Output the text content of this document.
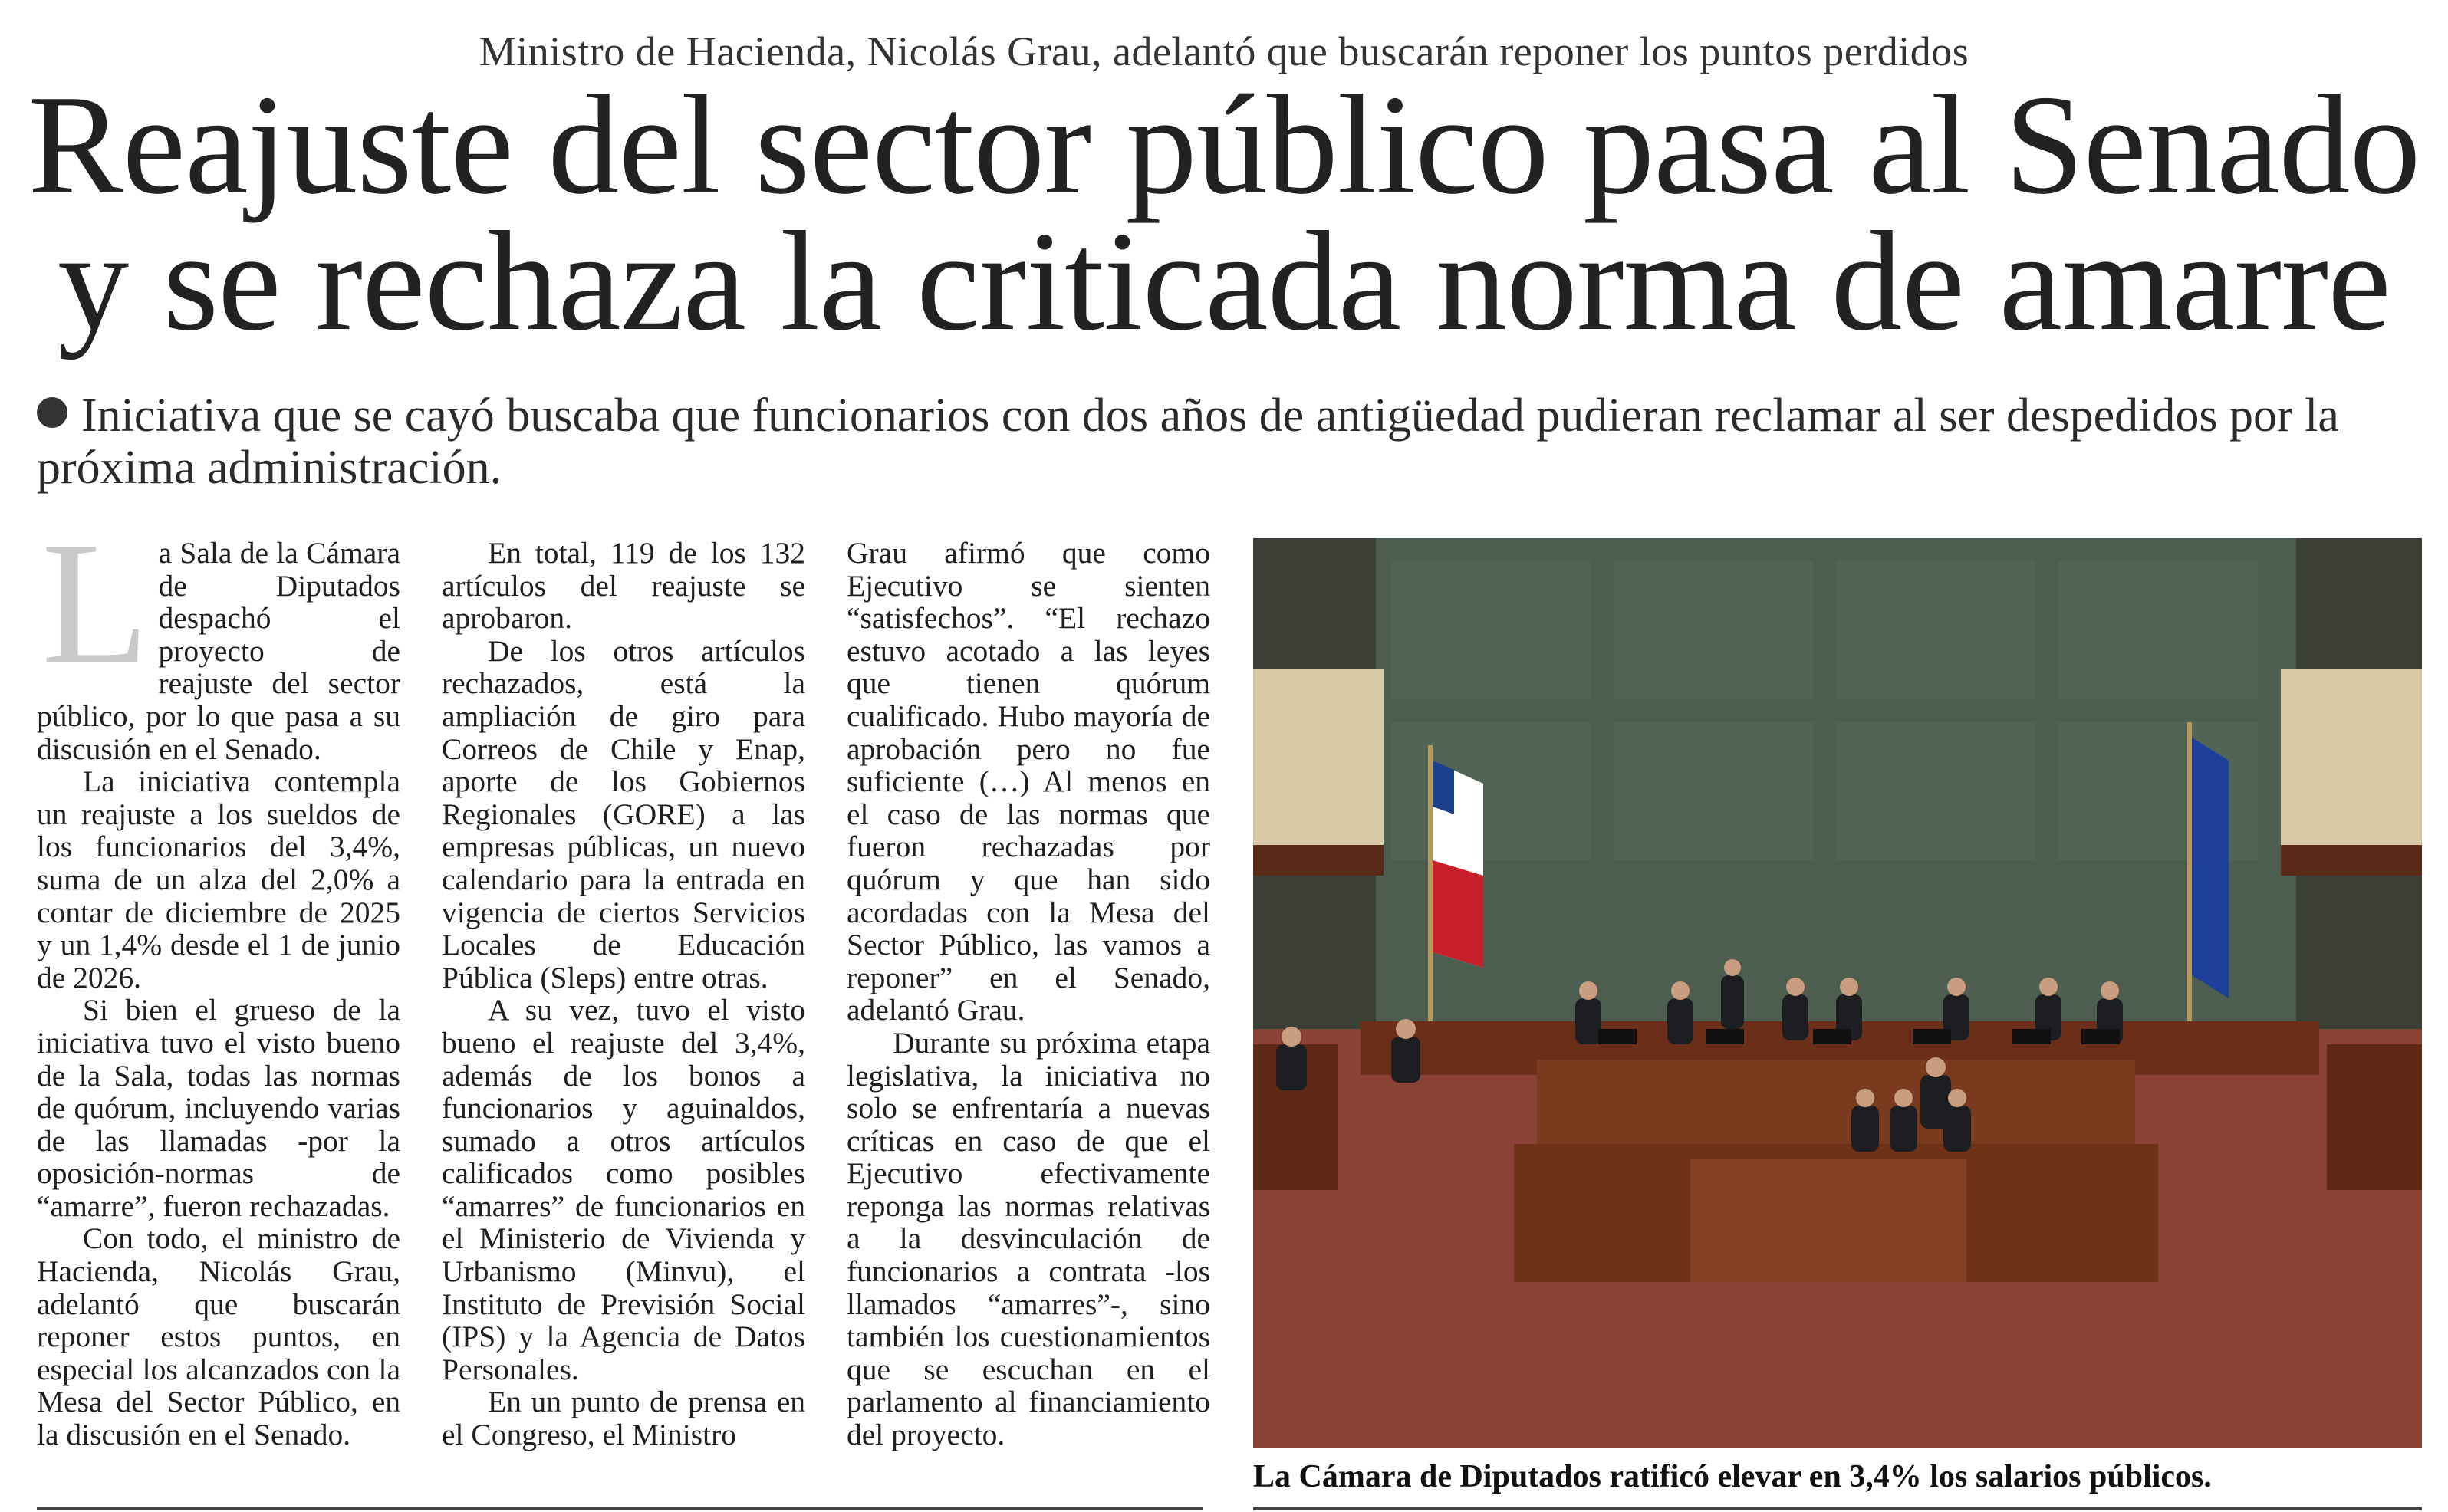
Ministro de Hacienda, Nicolás Grau, adelantó que buscarán reponer los puntos perdidos
Reajuste del sector público pasa al Senado
y se rechaza la criticada norma de amarre
Iniciativa que se cayó buscaba que funcionarios con dos años de antigüedad pudieran reclamar al ser despedidos por la próxima administración.
L a Sala de la Cámara de Diputados despachó el proyecto de reajuste del sector público, por lo que pasa a su discusión en el Senado.

La iniciativa contempla un reajuste a los sueldos de los funcionarios del 3,4%, suma de un alza del 2,0% a contar de diciembre de 2025 y un 1,4% desde el 1 de junio de 2026.

Si bien el grueso de la iniciativa tuvo el visto bueno de la Sala, todas las normas de quórum, incluyendo varias de las llamadas -por la oposición-normas de “amarre”, fueron rechazadas.

Con todo, el ministro de Hacienda, Nicolás Grau, adelantó que buscarán reponer estos puntos, en especial los alcanzados con la Mesa del Sector Público, en la discusión en el Senado.

En total, 119 de los 132 artículos del reajuste se aprobaron.

De los otros artículos rechazados, está la ampliación de giro para Correos de Chile y Enap, aporte de los Gobiernos Regionales (GORE) a las empresas públicas, un nuevo calendario para la entrada en vigencia de ciertos Servicios Locales de Educación Pública (Sleps) entre otras.

A su vez, tuvo el visto bueno el reajuste del 3,4%, además de los bonos a funcionarios y aguinaldos, sumado a otros artículos calificados como posibles “amarres” de funcionarios en el Ministerio de Vivienda y Urbanismo (Minvu), el Instituto de Previsión Social (IPS) y la Agencia de Datos Personales.

En un punto de prensa en el Congreso, el Ministro

Grau afirmó que como Ejecutivo se sienten “satisfechos”. “El rechazo estuvo acotado a las leyes que tienen quórum cualificado. Hubo mayoría de aprobación pero no fue suficiente (…) Al menos en el caso de las normas que fueron rechazadas por quórum y que han sido acordadas con la Mesa del Sector Público, las vamos a reponer” en el Senado, adelantó Grau.

Durante su próxima etapa legislativa, la iniciativa no solo se enfrentaría a nuevas críticas en caso de que el Ejecutivo efectivamente reponga las normas relativas a la desvinculación de funcionarios a contrata -los llamados “amarres”-, sino también los cuestionamientos que se escuchan en el parlamento al financiamiento del proyecto.

La Cámara de Diputados ratificó elevar en 3,4% los salarios públicos.
